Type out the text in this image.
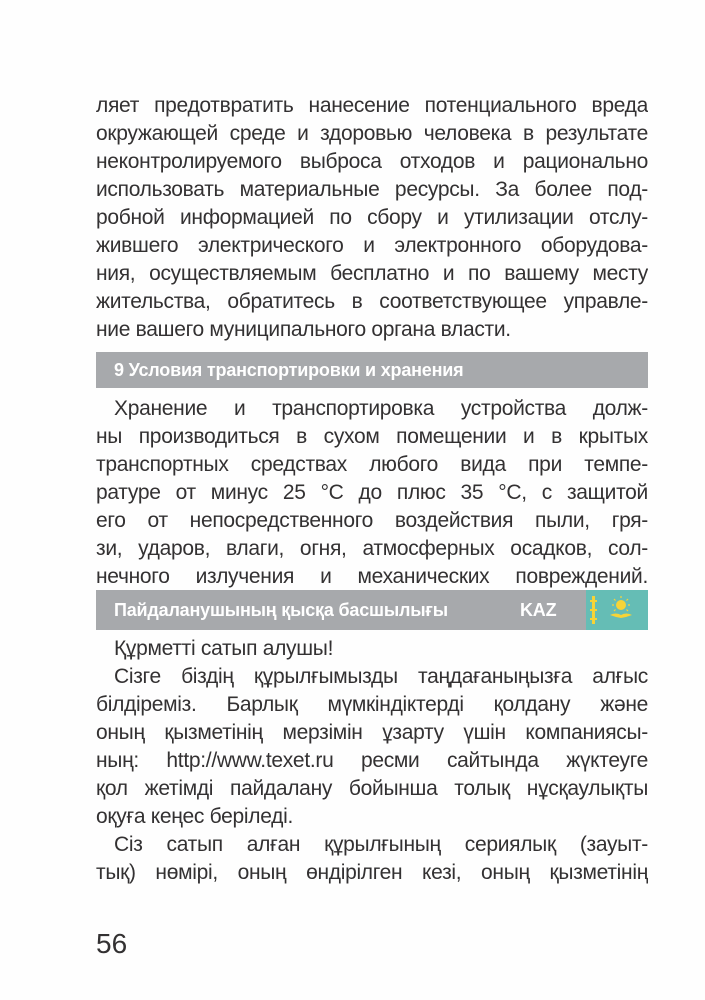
ляет предотвратить нанесение потенциального вреда
окружающей среде и здоровью человека в результате
неконтролируемого выброса отходов и рационально
использовать материальные ресурсы. За более под-
робной информацией по сбору и утилизации отслу-
жившего электрического и электронного оборудова-
ния, осуществляемым бесплатно и по вашему месту
жительства, обратитесь в соответствующее управле-
ние вашего муниципального органа власти.
9 Условия транспортировки и хранения
Хранение и транспортировка устройства долж-
ны производиться в сухом помещении и в крытых
транспортных средствах любого вида при темпе-
ратуре от минус 25 °С до плюс 35 °С, с защитой
его от непосредственного воздействия пыли, гря-
зи, ударов, влаги, огня, атмосферных осадков, сол-
нечного излучения и механических повреждений.
Пайдаланушының қысқа басшылығы	KAZ
Құрметті сатып алушы!
Сізге біздің құрылғымызды таңдағаныңызға алғыс
білдіреміз. Барлық мүмкіндіктерді қолдану және
оның қызметінің мерзімін ұзарту үшін компаниясы-
ның: http://www.texet.ru ресми сайтында жүктеуге
қол жетімді пайдалану бойынша толық нұсқаулықты
оқуға кеңес беріледі.
Сіз сатып алған құрылғының сериялық (зауыт-
тық) нөмірі, оның өндірілген кезі, оның қызметінің
56
